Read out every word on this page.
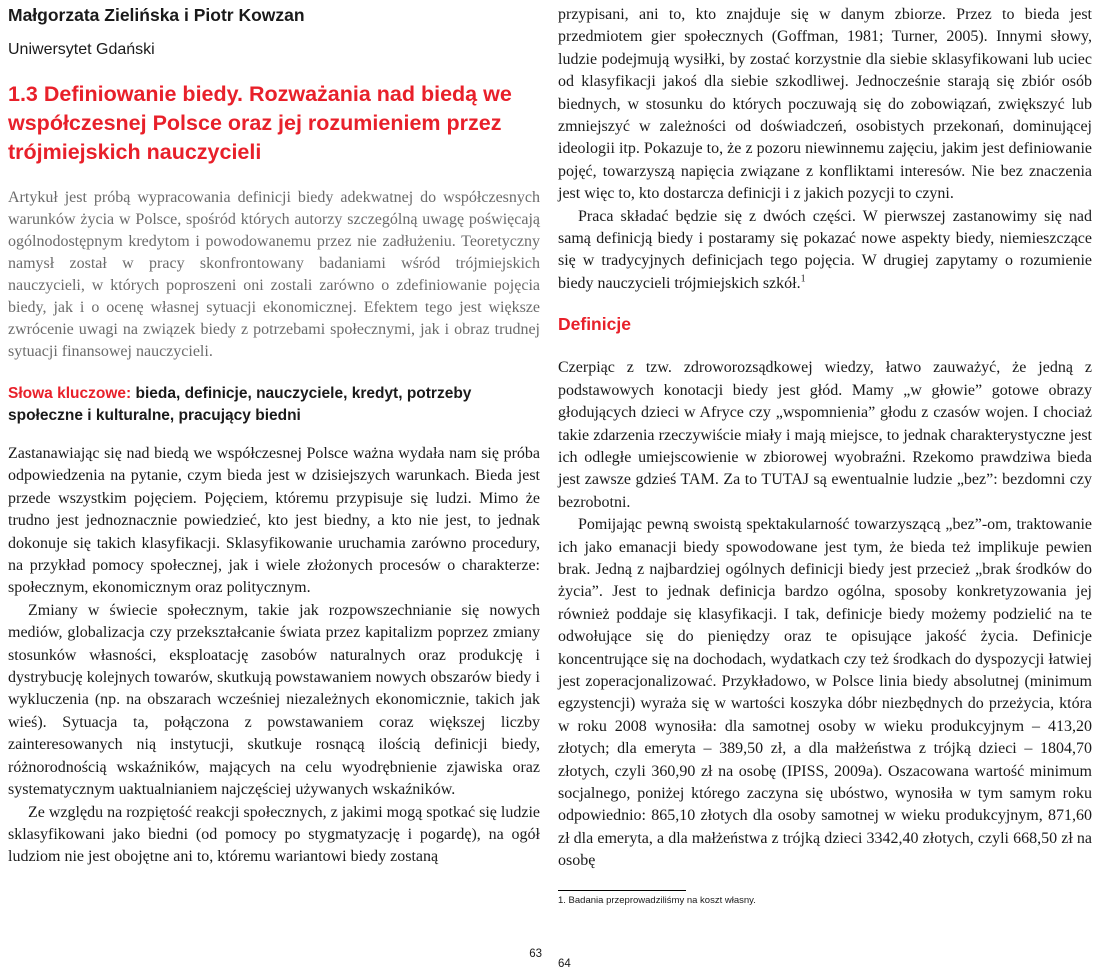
Małgorzata Zielińska i Piotr Kowzan
Uniwersytet Gdański
1.3 Definiowanie biedy. Rozważania nad biedą we współczesnej Polsce oraz jej rozumieniem przez trójmiejskich nauczycieli

Artykuł jest próbą wypracowania definicji biedy adekwatnej do współczesnych warunków życia w Polsce, spośród których autorzy szczególną uwagę poświęcają ogólnodostępnym kredytom i powodowanemu przez nie zadłużeniu. Teoretyczny namysł został w pracy skonfrontowany badaniami wśród trójmiejskich nauczycieli, w których poproszeni oni zostali zarówno o zdefiniowanie pojęcia biedy, jak i o ocenę własnej sytuacji ekonomicznej. Efektem tego jest większe zwrócenie uwagi na związek biedy z potrzebami społecznymi, jak i obraz trudnej sytuacji finansowej nauczycieli.

Słowa kluczowe: bieda, definicje, nauczyciele, kredyt, potrzeby społeczne i kulturalne, pracujący biedni

Zastanawiając się nad biedą we współczesnej Polsce ważna wydała nam się próba odpowiedzenia na pytanie, czym bieda jest w dzisiejszych warunkach. Bieda jest przede wszystkim pojęciem. Pojęciem, któremu przypisuje się ludzi. Mimo że trudno jest jednoznacznie powiedzieć, kto jest biedny, a kto nie jest, to jednak dokonuje się takich klasyfikacji. Sklasyfikowanie uruchamia zarówno procedury, na przykład pomocy społecznej, jak i wiele złożonych procesów o charakterze: społecznym, ekonomicznym oraz politycznym.

Zmiany w świecie społecznym, takie jak rozpowszechnianie się nowych mediów, globalizacja czy przekształcanie świata przez kapitalizm poprzez zmiany stosunków własności, eksploatację zasobów naturalnych oraz produkcję i dystrybucję kolejnych towarów, skutkują powstawaniem nowych obszarów biedy i wykluczenia (np. na obszarach wcześniej niezależnych ekonomicznie, takich jak wieś). Sytuacja ta, połączona z powstawaniem coraz większej liczby zainteresowanych nią instytucji, skutkuje rosnącą ilością definicji biedy, różnorodnością wskaźników, mających na celu wyodrębnienie zjawiska oraz systematycznym uaktualnianiem najczęściej używanych wskaźników.

Ze względu na rozpiętość reakcji społecznych, z jakimi mogą spotkać się ludzie sklasyfikowani jako biedni (od pomocy po stygmatyzację i pogardę), na ogół ludziom nie jest obojętne ani to, któremu wariantowi biedy zostaną

63

przypisani, ani to, kto znajduje się w danym zbiorze. Przez to bieda jest przedmiotem gier społecznych (Goffman, 1981; Turner, 2005). Innymi słowy, ludzie podejmują wysiłki, by zostać korzystnie dla siebie sklasyfikowani lub uciec od klasyfikacji jakoś dla siebie szkodliwej. Jednocześnie starają się zbiór osób biednych, w stosunku do których poczuwają się do zobowiązań, zwiększyć lub zmniejszyć w zależności od doświadczeń, osobistych przekonań, dominującej ideologii itp. Pokazuje to, że z pozoru niewinnemu zajęciu, jakim jest definiowanie pojęć, towarzyszą napięcia związane z konfliktami interesów. Nie bez znaczenia jest więc to, kto dostarcza definicji i z jakich pozycji to czyni.

Praca składać będzie się z dwóch części. W pierwszej zastanowimy się nad samą definicją biedy i postaramy się pokazać nowe aspekty biedy, niemieszczące się w tradycyjnych definicjach tego pojęcia. W drugiej zapytamy o rozumienie biedy nauczycieli trójmiejskich szkół.$^1$

Definicje

Czerpiąc z tzw. zdroworozsądkowej wiedzy, łatwo zauważyć, że jedną z podstawowych konotacji biedy jest głód. Mamy „w głowie” gotowe obrazy głodujących dzieci w Afryce czy „wspomnienia” głodu z czasów wojen. I chociaż takie zdarzenia rzeczywiście miały i mają miejsce, to jednak charakterystyczne jest ich odległe umiejscowienie w zbiorowej wyobraźni. Rzekomo prawdziwa bieda jest zawsze gdzieś TAM. Za to TUTAJ są ewentualnie ludzie „bez”: bezdomni czy bezrobotni.

Pomijając pewną swoistą spektakularność towarzyszącą „bez”-om, traktowanie ich jako emanacji biedy spowodowane jest tym, że bieda też implikuje pewien brak. Jedną z najbardziej ogólnych definicji biedy jest przecież „brak środków do życia”. Jest to jednak definicja bardzo ogólna, sposoby konkretyzowania jej również poddaje się klasyfikacji. I tak, definicje biedy możemy podzielić na te odwołujące się do pieniędzy oraz te opisujące jakość życia. Definicje koncentrujące się na dochodach, wydatkach czy też środkach do dyspozycji łatwiej jest zoperacjonalizować. Przykładowo, w Polsce linia biedy absolutnej (minimum egzystencji) wyraża się w wartości koszyka dóbr niezbędnych do przeżycia, która w roku 2008 wynosiła: dla samotnej osoby w wieku produkcyjnym – 413,20 złotych; dla emeryta – 389,50 zł, a dla małżeństwa z trójką dzieci – 1804,70 złotych, czyli 360,90 zł na osobę (IPISS, 2009a). Oszacowana wartość minimum socjalnego, poniżej którego zaczyna się ubóstwo, wynosiła w tym samym roku odpowiednio: 865,10 złotych dla osoby samotnej w wieku produkcyjnym, 871,60 zł dla emeryta, a dla małżeństwa z trójką dzieci 3342,40 złotych, czyli 668,50 zł na osobę

1. Badania przeprowadziliśmy na koszt własny.
64
